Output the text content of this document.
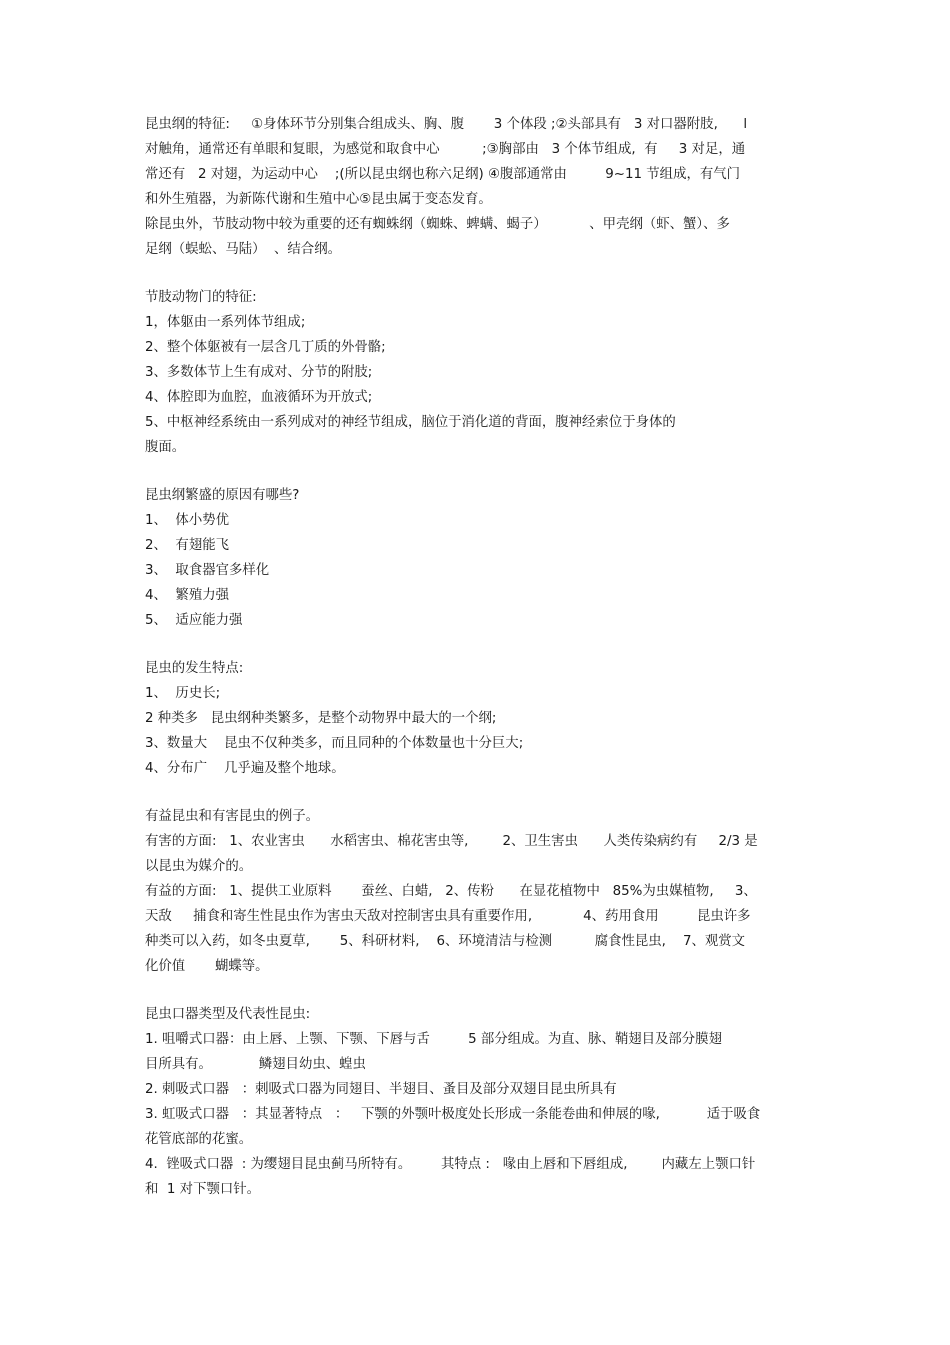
昆虫纲的特征:     ①身体环节分别集合组成头、胸、腹       3 个体段 ;②头部具有   3 对口器附肢,      l
对触角，通常还有单眼和复眼，为感觉和取食中心          ;③胸部由   3 个体节组成,  有     3 对足，通
常还有   2 对翅，为运动中心    ;(所以昆虫纲也称六足纲) ④腹部通常由         9~11 节组成，有气门
和外生殖器，为新陈代谢和生殖中心⑤昆虫属于变态发育。
除昆虫外，节肢动物中较为重要的还有蜘蛛纲（蜘蛛、蜱螨、蝎子）          、甲壳纲（虾、蟹）、多
足纲（蜈蚣、马陆）  、结合纲。
节肢动物门的特征:
1，体躯由一系列体节组成;
2、整个体躯被有一层含几丁质的外骨骼;
3、多数体节上生有成对、分节的附肢;
4、体腔即为血腔，血液循环为开放式;
5、中枢神经系统由一系列成对的神经节组成，脑位于消化道的背面，腹神经索位于身体的
腹面。
昆虫纲繁盛的原因有哪些?
1、  体小势优
2、  有翅能飞
3、  取食器官多样化
4、  繁殖力强
5、  适应能力强
昆虫的发生特点:
1、  历史长;
2 种类多   昆虫纲种类繁多，是整个动物界中最大的一个纲;
3、数量大    昆虫不仅种类多，而且同种的个体数量也十分巨大;
4、分布广    几乎遍及整个地球。
有益昆虫和有害昆虫的例子。
有害的方面:   1、农业害虫      水稻害虫、棉花害虫等,        2、卫生害虫      人类传染病约有     2/3 是
以昆虫为媒介的。
有益的方面:   1、提供工业原料       蚕丝、白蜡,   2、传粉      在显花植物中   85%为虫媒植物,     3、
天敌     捕食和寄生性昆虫作为害虫天敌对控制害虫具有重要作用,            4、药用食用         昆虫许多
种类可以入药，如冬虫夏草,       5、科研材料,    6、环境清洁与检测          腐食性昆虫,    7、观赏文
化价值       蝴蝶等。
昆虫口器类型及代表性昆虫:
1. 咀嚼式口器：由上唇、上颚、下颚、下唇与舌         5 部分组成。为直、脉、鞘翅目及部分膜翅
目所具有。           鳞翅目幼虫、蝗虫
2. 刺吸式口器   ：刺吸式口器为同翅目、半翅目、蚤目及部分双翅目昆虫所具有
3. 虹吸式口器   ：其显著特点   ：   下颚的外颚叶极度处长形成一条能卷曲和伸展的喙,           适于吸食
花管底部的花蜜。
4.  锉吸式口器  : 为缨翅目昆虫蓟马所特有。       其特点 :   喙由上唇和下唇组成,        内藏左上颚口针
和  1 对下颚口针。
